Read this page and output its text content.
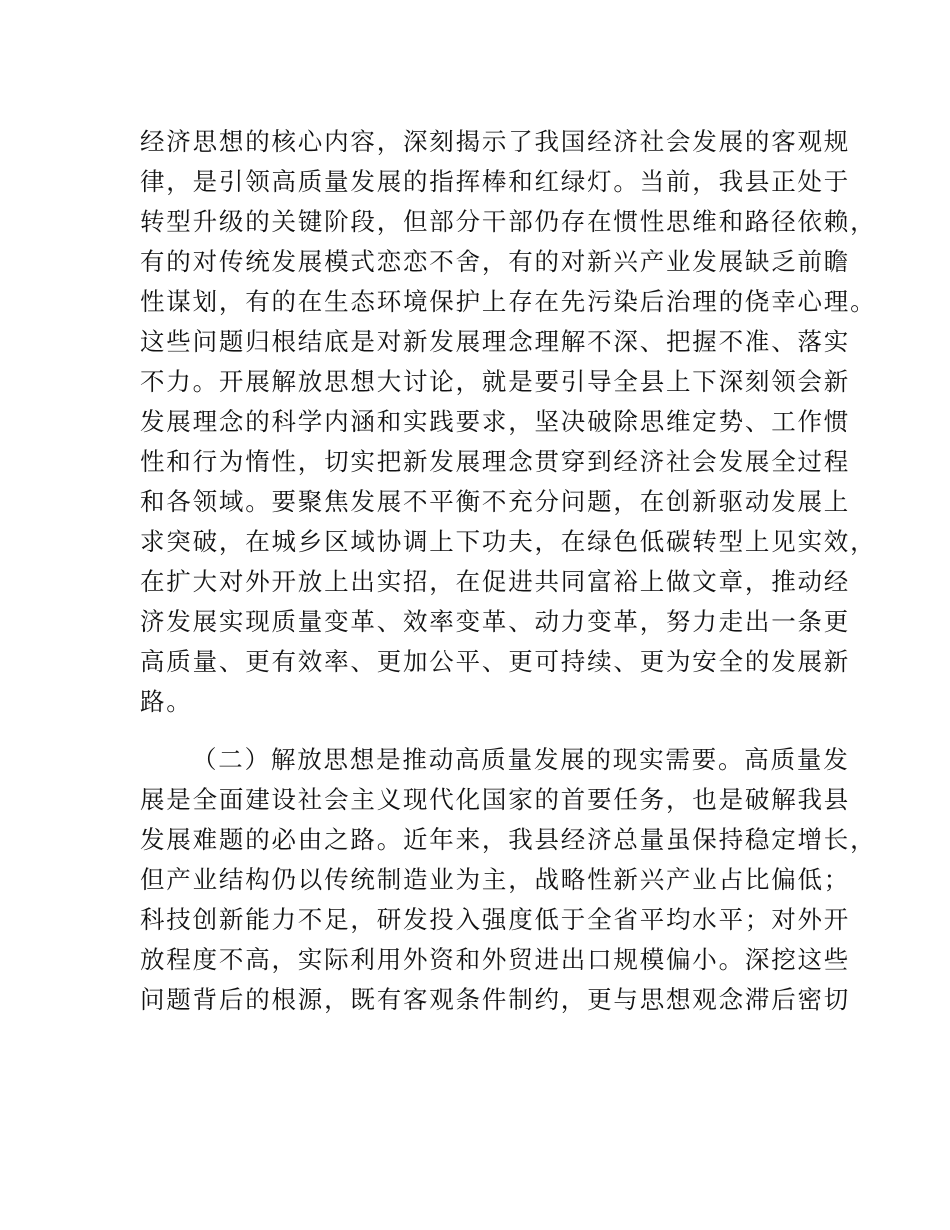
经济思想的核心内容，深刻揭示了我国经济社会发展的客观规
律，是引领高质量发展的指挥棒和红绿灯。当前，我县正处于
转型升级的关键阶段，但部分干部仍存在惯性思维和路径依赖，
有的对传统发展模式恋恋不舍，有的对新兴产业发展缺乏前瞻
性谋划，有的在生态环境保护上存在先污染后治理的侥幸心理。
这些问题归根结底是对新发展理念理解不深、把握不准、落实
不力。开展解放思想大讨论，就是要引导全县上下深刻领会新
发展理念的科学内涵和实践要求，坚决破除思维定势、工作惯
性和行为惰性，切实把新发展理念贯穿到经济社会发展全过程
和各领域。要聚焦发展不平衡不充分问题，在创新驱动发展上
求突破，在城乡区域协调上下功夫，在绿色低碳转型上见实效，
在扩大对外开放上出实招，在促进共同富裕上做文章，推动经
济发展实现质量变革、效率变革、动力变革，努力走出一条更
高质量、更有效率、更加公平、更可持续、更为安全的发展新
路。
（二）解放思想是推动高质量发展的现实需要。高质量发
展是全面建设社会主义现代化国家的首要任务，也是破解我县
发展难题的必由之路。近年来，我县经济总量虽保持稳定增长，
但产业结构仍以传统制造业为主，战略性新兴产业占比偏低；
科技创新能力不足，研发投入强度低于全省平均水平；对外开
放程度不高，实际利用外资和外贸进出口规模偏小。深挖这些
问题背后的根源，既有客观条件制约，更与思想观念滞后密切
